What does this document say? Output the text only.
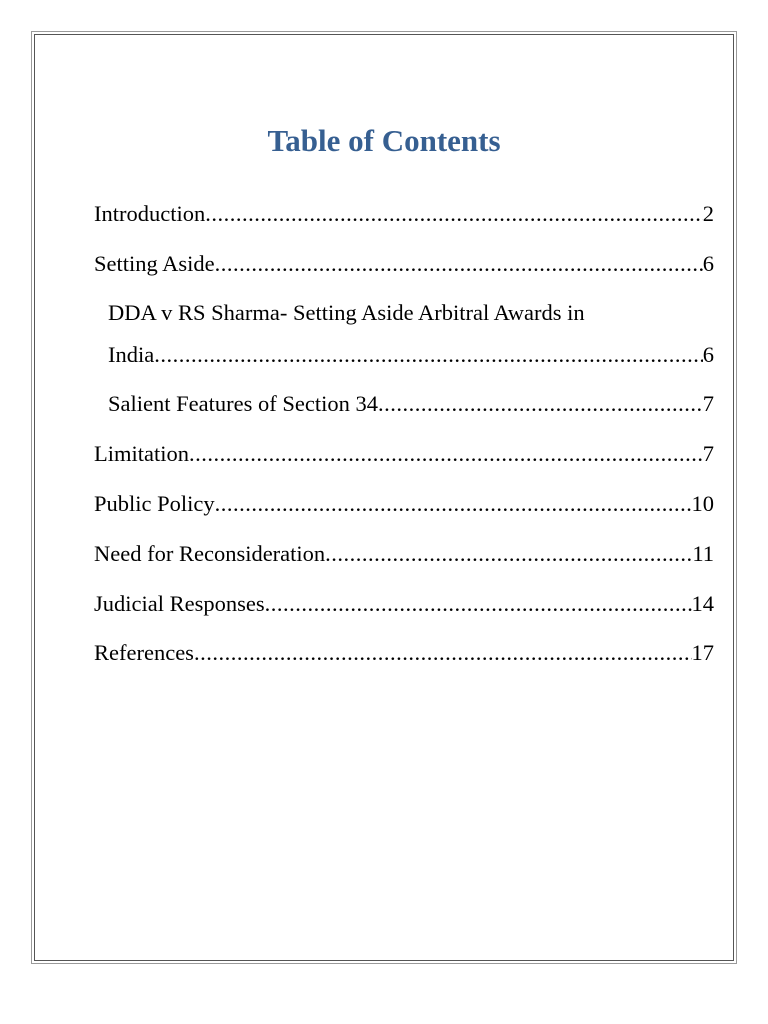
Table of Contents
Introduction .....	2
Setting Aside .....	6
DDA v RS Sharma- Setting Aside Arbitral Awards in
India .....	6
Salient Features of Section 34 .....	7
Limitation .....	7
Public Policy .....	10
Need for Reconsideration .....	11
Judicial Responses .....	14
References .....	17
